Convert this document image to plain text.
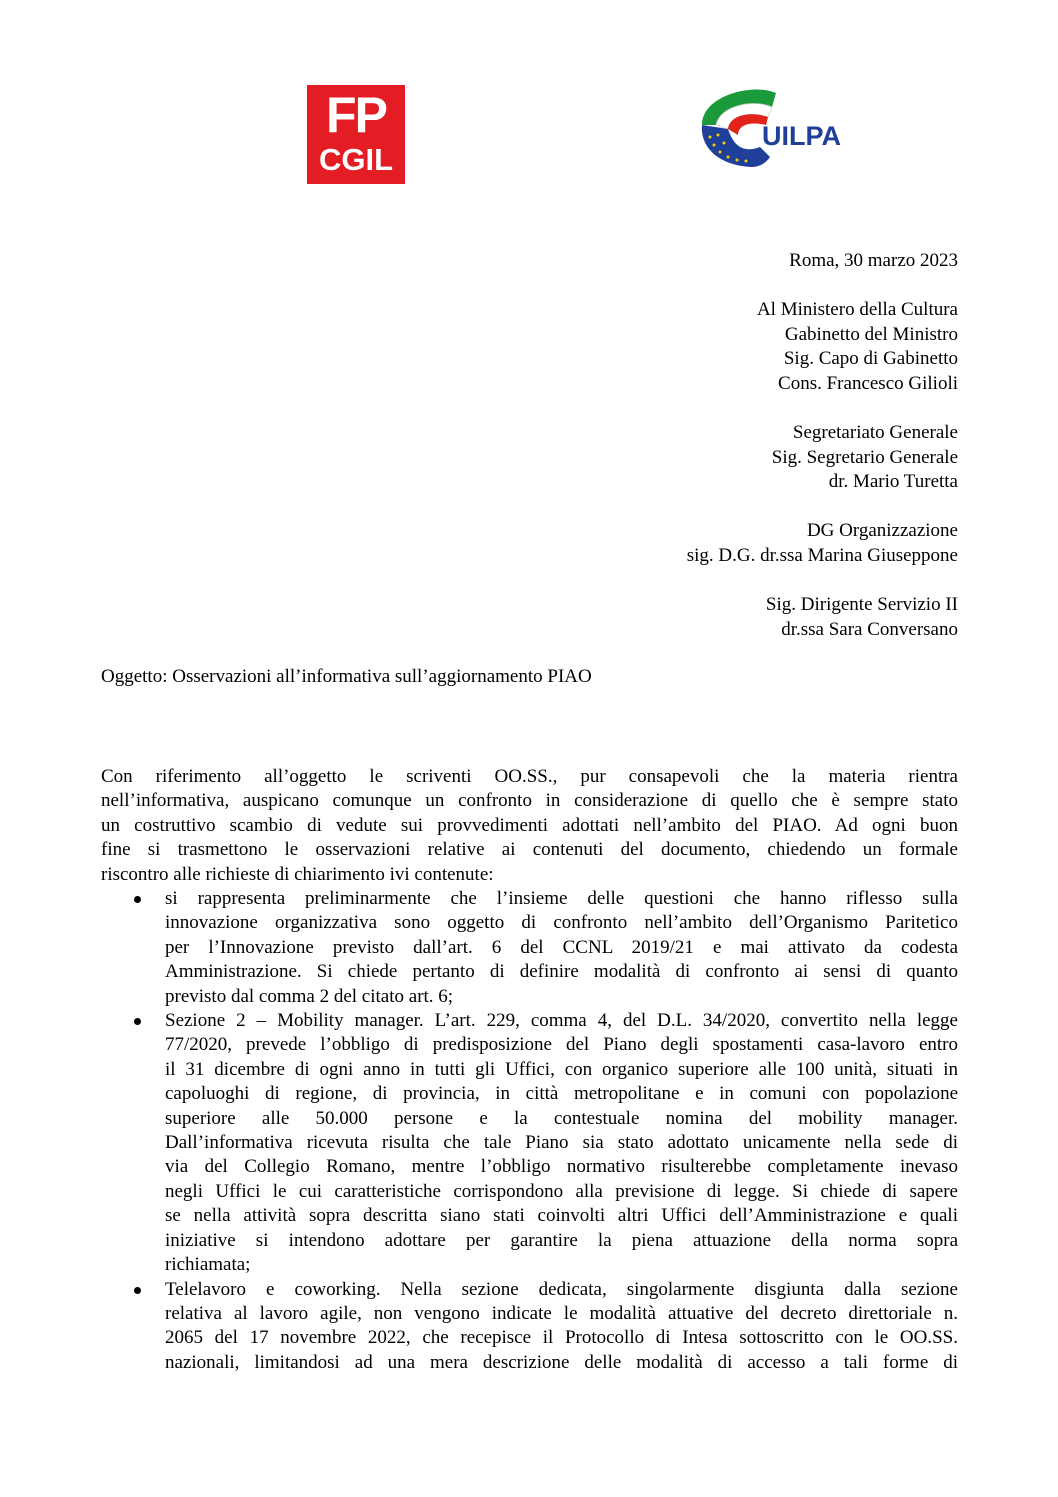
FP
CGIL
UILPA
Roma, 30 marzo 2023
Al Ministero della Cultura
Gabinetto del Ministro
Sig. Capo di Gabinetto
Cons. Francesco Gilioli
Segretariato Generale
Sig. Segretario Generale
dr. Mario Turetta
DG Organizzazione
sig. D.G. dr.ssa Marina Giuseppone
Sig. Dirigente Servizio II
dr.ssa Sara Conversano
Oggetto: Osservazioni all’informativa sull’aggiornamento PIAO
Con riferimento all’oggetto le scriventi OO.SS., pur consapevoli che la materia rientra
nell’informativa, auspicano comunque un confronto in considerazione di quello che è sempre stato
un costruttivo scambio di vedute sui provvedimenti adottati nell’ambito del PIAO. Ad ogni buon
fine si trasmettono le osservazioni relative ai contenuti del documento, chiedendo un formale
riscontro alle richieste di chiarimento ivi contenute:
si rappresenta preliminarmente che l’insieme delle questioni che hanno riflesso sulla
innovazione organizzativa sono oggetto di confronto nell’ambito dell’Organismo Paritetico
per l’Innovazione previsto dall’art. 6 del CCNL 2019/21 e mai attivato da codesta
Amministrazione. Si chiede pertanto di definire modalità di confronto ai sensi di quanto
previsto dal comma 2 del citato art. 6;
Sezione 2 – Mobility manager. L’art. 229, comma 4, del D.L. 34/2020, convertito nella legge
77/2020, prevede l’obbligo di predisposizione del Piano degli spostamenti casa-lavoro entro
il 31 dicembre di ogni anno in tutti gli Uffici, con organico superiore alle 100 unità, situati in
capoluoghi di regione, di provincia, in città metropolitane e in comuni con popolazione
superiore alle 50.000 persone e la contestuale nomina del mobility manager.
Dall’informativa ricevuta risulta che tale Piano sia stato adottato unicamente nella sede di
via del Collegio Romano, mentre l’obbligo normativo risulterebbe completamente inevaso
negli Uffici le cui caratteristiche corrispondono alla previsione di legge. Si chiede di sapere
se nella attività sopra descritta siano stati coinvolti altri Uffici dell’Amministrazione e quali
iniziative si intendono adottare per garantire la piena attuazione della norma sopra
richiamata;
Telelavoro e coworking. Nella sezione dedicata, singolarmente disgiunta dalla sezione
relativa al lavoro agile, non vengono indicate le modalità attuative del decreto direttoriale n.
2065 del 17 novembre 2022, che recepisce il Protocollo di Intesa sottoscritto con le OO.SS.
nazionali, limitandosi ad una mera descrizione delle modalità di accesso a tali forme di
